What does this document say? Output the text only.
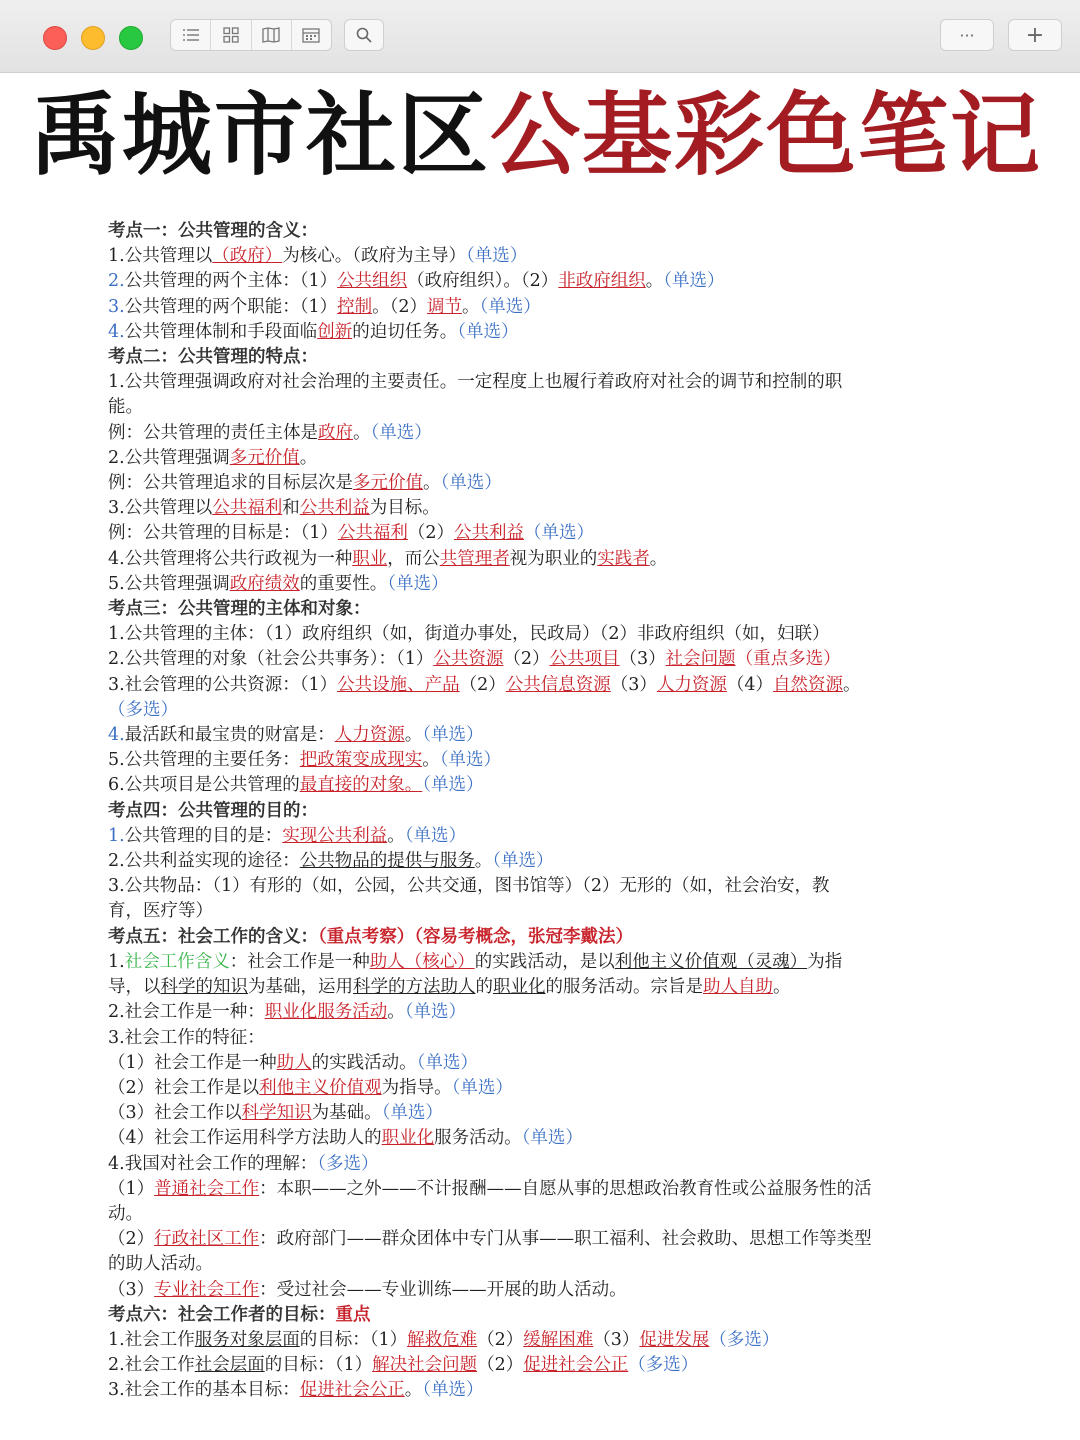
··· +
禹城市社区公基彩色笔记
考点一：公共管理的含义：
1.公共管理以（政府）为核心。（政府为主导）（单选）
2.公共管理的两个主体：（1）公共组织（政府组织）。（2）非政府组织。（单选）
3.公共管理的两个职能：（1）控制。（2）调节。（单选）
4.公共管理体制和手段面临创新的迫切任务。（单选）
考点二：公共管理的特点：
1.公共管理强调政府对社会治理的主要责任。一定程度上也履行着政府对社会的调节和控制的职
能。
例：公共管理的责任主体是政府。（单选）
2.公共管理强调多元价值。
例：公共管理追求的目标层次是多元价值。（单选）
3.公共管理以公共福利和公共利益为目标。
例：公共管理的目标是：（1）公共福利（2）公共利益（单选）
4.公共管理将公共行政视为一种职业，而公共管理者视为职业的实践者。
5.公共管理强调政府绩效的重要性。（单选）
考点三：公共管理的主体和对象：
1.公共管理的主体：（1）政府组织（如，街道办事处，民政局）（2）非政府组织（如，妇联）
2.公共管理的对象（社会公共事务）：（1）公共资源（2）公共项目（3）社会问题（重点多选）
3.社会管理的公共资源：（1）公共设施、产品（2）公共信息资源（3）人力资源（4）自然资源。
（多选）
4.最活跃和最宝贵的财富是：人力资源。（单选）
5.公共管理的主要任务：把政策变成现实。（单选）
6.公共项目是公共管理的最直接的对象。（单选）
考点四：公共管理的目的：
1.公共管理的目的是：实现公共利益。（单选）
2.公共利益实现的途径：公共物品的提供与服务。（单选）
3.公共物品：（1）有形的（如，公园，公共交通，图书馆等）（2）无形的（如，社会治安，教
育，医疗等）
考点五：社会工作的含义：（重点考察）（容易考概念，张冠李戴法）
1.社会工作含义：社会工作是一种助人（核心）的实践活动，是以利他主义价值观（灵魂）为指
导，以科学的知识为基础，运用科学的方法助人的职业化的服务活动。宗旨是助人自助。
2.社会工作是一种：职业化服务活动。（单选）
3.社会工作的特征：
（1）社会工作是一种助人的实践活动。（单选）
（2）社会工作是以利他主义价值观为指导。（单选）
（3）社会工作以科学知识为基础。（单选）
（4）社会工作运用科学方法助人的职业化服务活动。（单选）
4.我国对社会工作的理解：（多选）
（1）普通社会工作：本职——之外——不计报酬——自愿从事的思想政治教育性或公益服务性的活
动。
（2）行政社区工作：政府部门——群众团体中专门从事——职工福利、社会救助、思想工作等类型
的助人活动。
（3）专业社会工作：受过社会——专业训练——开展的助人活动。
考点六：社会工作者的目标：重点
1.社会工作服务对象层面的目标：（1）解救危难（2）缓解困难（3）促进发展（多选）
2.社会工作社会层面的目标：（1）解决社会问题（2）促进社会公正（多选）
3.社会工作的基本目标：促进社会公正。（单选）
